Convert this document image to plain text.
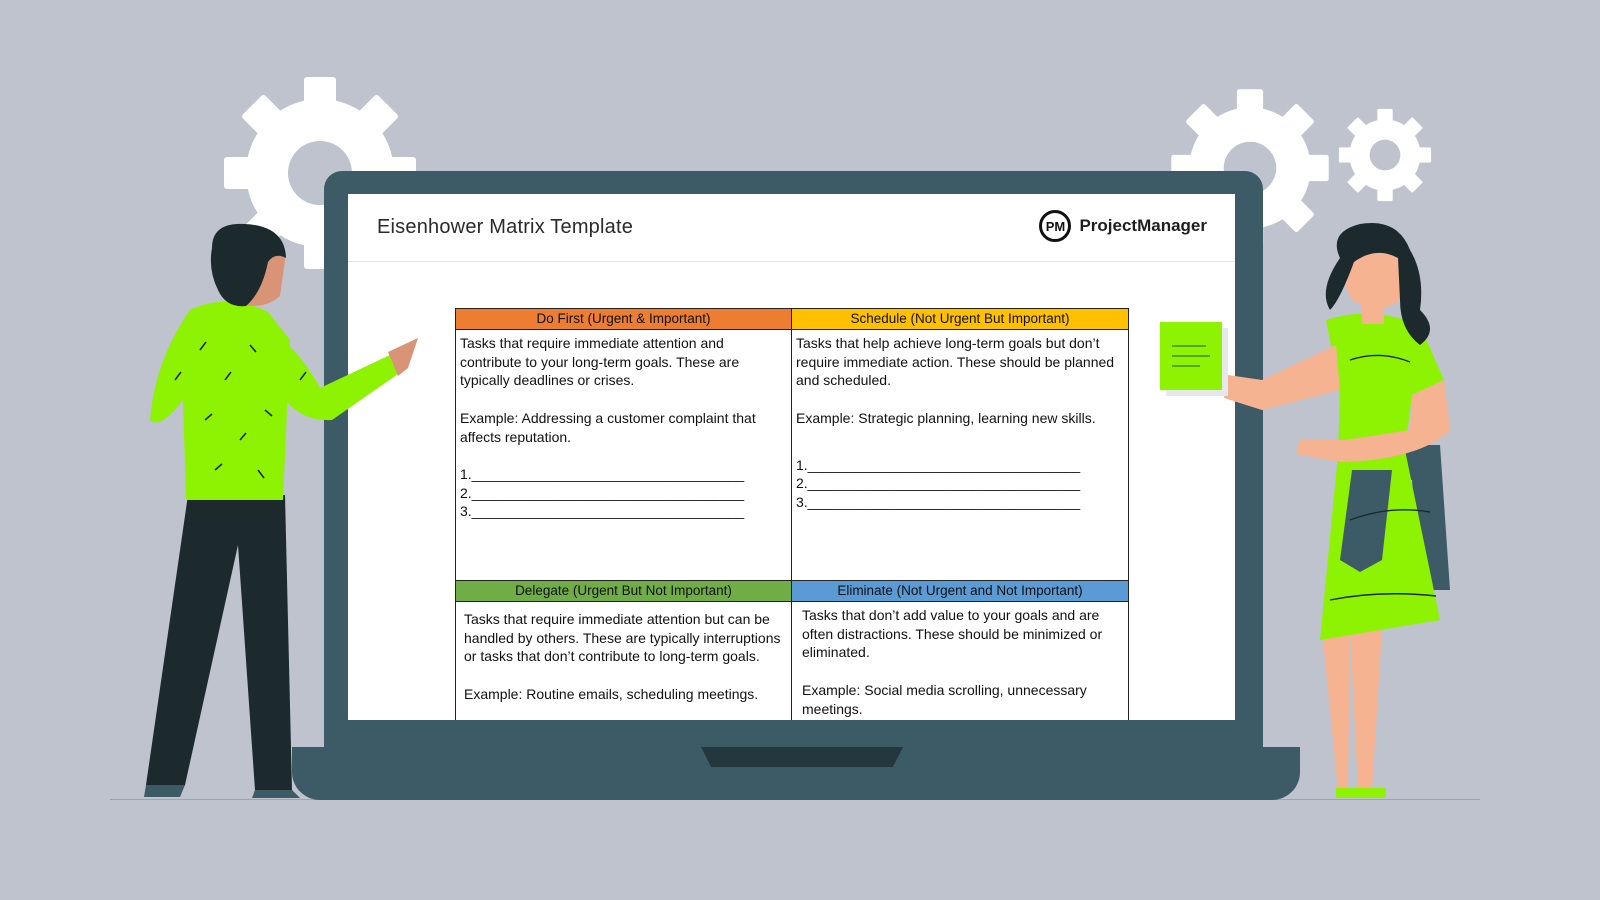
Eisenhower Matrix Template	PM ProjectManager
Do First (Urgent & Important)

Tasks that require immediate attention and contribute to your long-term goals. These are typically deadlines or crises.

Example: Addressing a customer complaint that affects reputation.

1.___________________________________
2.___________________________________
3.___________________________________
Schedule (Not Urgent But Important)

Tasks that help achieve long-term goals but don’t require immediate action. These should be planned and scheduled.

Example: Strategic planning, learning new skills.

1.___________________________________
2.___________________________________
3.___________________________________
Delegate (Urgent But Not Important)

Tasks that require immediate attention but can be handled by others. These are typically interruptions or tasks that don’t contribute to long-term goals.

Example: Routine emails, scheduling meetings.

Eliminate (Not Urgent and Not Important)

Tasks that don’t add value to your goals and are often distractions. These should be minimized or eliminated.

Example: Social media scrolling, unnecessary meetings.
